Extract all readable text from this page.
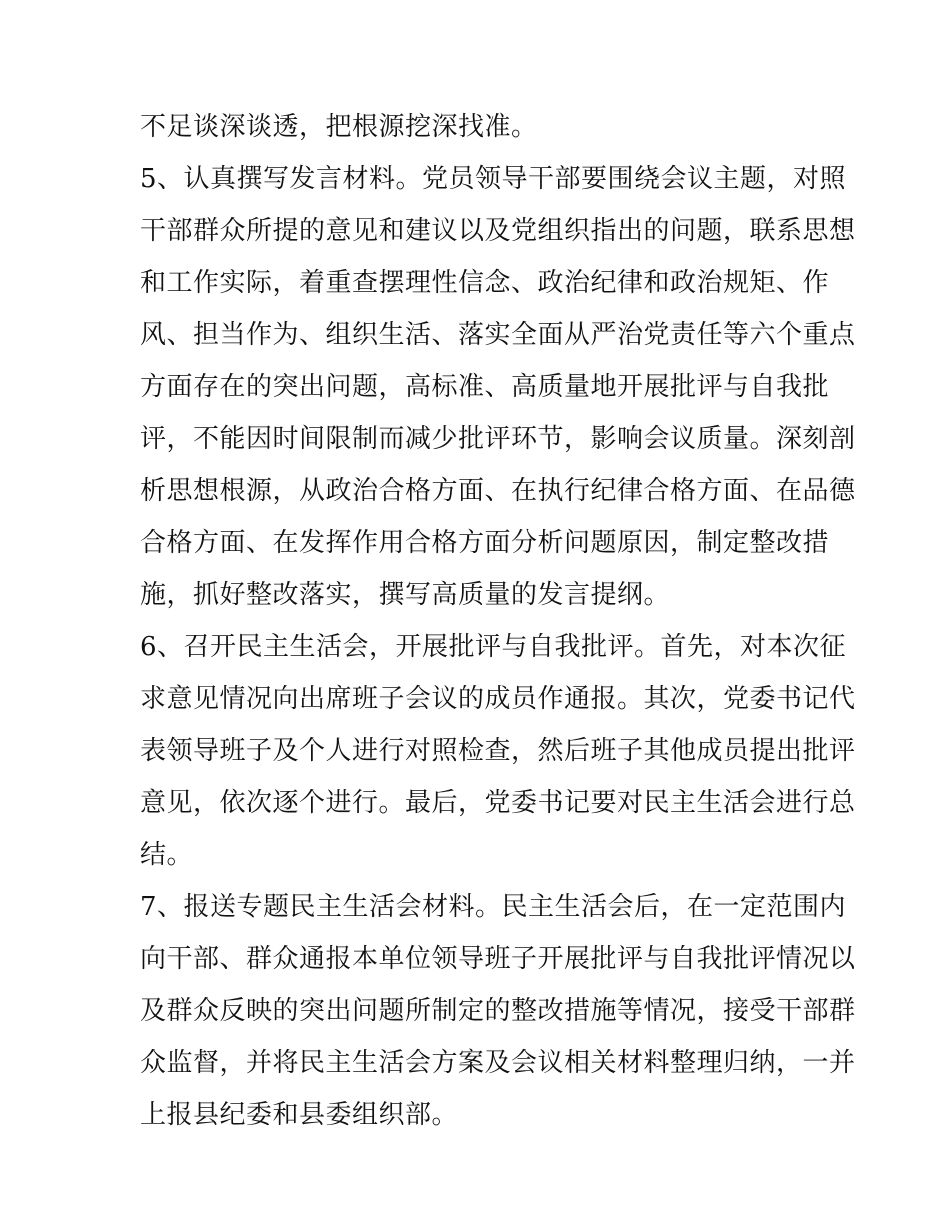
不足谈深谈透，把根源挖深找准。
5、认真撰写发言材料。党员领导干部要围绕会议主题，对照
干部群众所提的意见和建议以及党组织指出的问题，联系思想
和工作实际，着重查摆理性信念、政治纪律和政治规矩、作
风、担当作为、组织生活、落实全面从严治党责任等六个重点
方面存在的突出问题，高标准、高质量地开展批评与自我批
评，不能因时间限制而减少批评环节，影响会议质量。深刻剖
析思想根源，从政治合格方面、在执行纪律合格方面、在品德
合格方面、在发挥作用合格方面分析问题原因，制定整改措
施，抓好整改落实，撰写高质量的发言提纲。
6、召开民主生活会，开展批评与自我批评。首先，对本次征
求意见情况向出席班子会议的成员作通报。其次，党委书记代
表领导班子及个人进行对照检查，然后班子其他成员提出批评
意见，依次逐个进行。最后，党委书记要对民主生活会进行总
结。
7、报送专题民主生活会材料。民主生活会后，在一定范围内
向干部、群众通报本单位领导班子开展批评与自我批评情况以
及群众反映的突出问题所制定的整改措施等情况，接受干部群
众监督，并将民主生活会方案及会议相关材料整理归纳，一并
上报县纪委和县委组织部。
